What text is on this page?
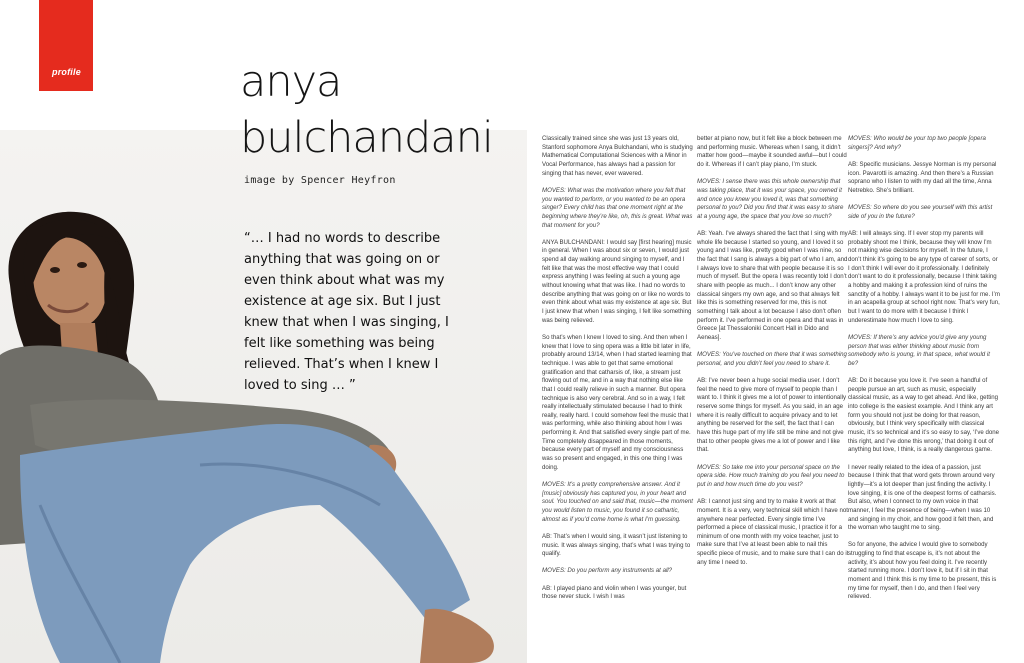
profile	anya
bulchandani
image by Spencer Heyfron
“… I had no words to describe anything that was going on or even think about what was my existence at age six. But I just knew that when I was singing, I felt like something was being relieved. That’s when I knew I loved to sing … ”

Classically trained since she was just 13 years old, Stanford sophomore Anya Bulchandani, who is studying Mathematical Computational Sciences with a Minor in Vocal Performance, has always had a passion for singing that has never, ever wavered.

MOVES: What was the motivation where you felt that you wanted to perform, or you wanted to be an opera singer? Every child has that one moment right at the beginning where they’re like, oh, this is great. What was that moment for you?

ANYA BULCHANDANI: I would say [first hearing] music in general. When I was about six or seven, I would just spend all day walking around singing to myself, and I felt like that was the most effective way that I could express anything I was feeling at such a young age without knowing what that was like. I had no words to describe anything that was going on or like no words to even think about what was my existence at age six. But I just knew that when I was singing, I felt like something was being relieved.

So that’s when I knew I loved to sing. And then when I knew that I love to sing opera was a little bit later in life, probably around 13/14, when I had started learning that technique. I was able to get that same emotional gratification and that catharsis of, like, a stream just flowing out of me, and in a way that nothing else like that I could really relieve in such a manner. But opera technique is also very cerebral. And so in a way, I felt really intellectually stimulated because I had to think really, really hard. I could somehow feel the music that I was performing, while also thinking about how I was performing it. And that satisfied every single part of me. Time completely disappeared in those moments, because every part of myself and my consciousness was so present and engaged, in this one thing I was doing.

MOVES: It’s a pretty comprehensive answer. And it [music] obviously has captured you, in your heart and soul. You touched on and said that, music—the moment you would listen to music, you found it so cathartic, almost as if you’d come home is what I’m guessing.

AB: That’s when I would sing, it wasn’t just listening to music. It was always singing, that’s what I was trying to qualify.

MOVES: Do you perform any instruments at all?

AB: I played piano and violin when I was younger, but those never stuck. I wish I was

better at piano now, but it felt like a block between me and performing music. Whereas when I sang, it didn’t matter how good—maybe it sounded awful—but I could do it. Whereas if I can’t play piano, I’m stuck.

MOVES: I sense there was this whole ownership that was taking place, that it was your space, you owned it and once you knew you loved it, was that something personal to you? Did you find that it was easy to share at a young age, the space that you love so much?

AB: Yeah. I’ve always shared the fact that I sing with my whole life because I started so young, and I loved it so young and I was like, pretty good when I was nine, so the fact that I sang is always a big part of who I am, and I always love to share that with people because it is so much of myself. But the opera I was recently told I don’t share with people as much... I don’t know any other classical singers my own age, and so that always felt like this is something reserved for me, this is not something I talk about a lot because I also don’t often perform it. I’ve performed in one opera and that was in Greece [at Thessaloniki Concert Hall in Dido and Aeneas].

MOVES: You’ve touched on there that it was something personal, and you didn’t feel you need to share it.

AB: I’ve never been a huge social media user. I don’t feel the need to give more of myself to people than I want to. I think it gives me a lot of power to intentionally reserve some things for myself. As you said, in an age where it is really difficult to acquire privacy and to let anything be reserved for the self, the fact that I can have this huge part of my life still be mine and not give that to other people gives me a lot of power and I like that.

MOVES: So take me into your personal space on the opera side. How much training do you feel you need to put in and how much time do you vest?

AB: I cannot just sing and try to make it work at that moment. It is a very, very technical skill which I have not anywhere near perfected. Every single time I’ve performed a piece of classical music, I practice it for a minimum of one month with my voice teacher, just to make sure that I’ve at least been able to nail this specific piece of music, and to make sure that I can do it any time I need to.

MOVES: Who would be your top two people [opera singers]? And why?

AB: Specific musicians. Jessye Norman is my personal icon. Pavarotti is amazing. And then there’s a Russian soprano who I listen to with my dad all the time, Anna Netrebko. She’s brilliant.

MOVES: So where do you see yourself with this artist side of you in the future?

AB: I will always sing. If I ever stop my parents will probably shoot me I think, because they will know I’m not making wise decisions for myself. In the future, I don’t think it’s going to be any type of career of sorts, or I don’t think I will ever do it professionally. I definitely don’t want to do it professionally, because I think taking a hobby and making it a profession kind of ruins the sanctity of a hobby. I always want it to be just for me. I’m in an acapella group at school right now. That’s very fun, but I want to do more with it because I think I underestimate how much I love to sing.

MOVES: If there’s any advice you’d give any young person that was either thinking about music from somebody who is young, in that space, what would it be?

AB: Do it because you love it. I’ve seen a handful of people pursue an art, such as music, especially classical music, as a way to get ahead. And like, getting into college is the easiest example. And I think any art form you should not just be doing for that reason, obviously, but I think very specifically with classical music, it’s so technical and it’s so easy to say, ‘I’ve done this right, and I’ve done this wrong,’ that doing it out of anything but love, I think, is a really dangerous game.

I never really related to the idea of a passion, just because I think that that word gets thrown around very lightly—it’s a lot deeper than just finding the activity. I love singing, it is one of the deepest forms of catharsis. But also, when I connect to my own voice in that manner, I feel the presence of being—when I was 10 and singing in my choir, and how good it felt then, and the woman who taught me to sing.

So for anyone, the advice I would give to somebody struggling to find that escape is, it’s not about the activity, it’s about how you feel doing it. I’ve recently started running more. I don’t love it, but if I sit in that moment and I think this is my time to be present, this is my time for myself, then I do, and then I feel very relieved.
